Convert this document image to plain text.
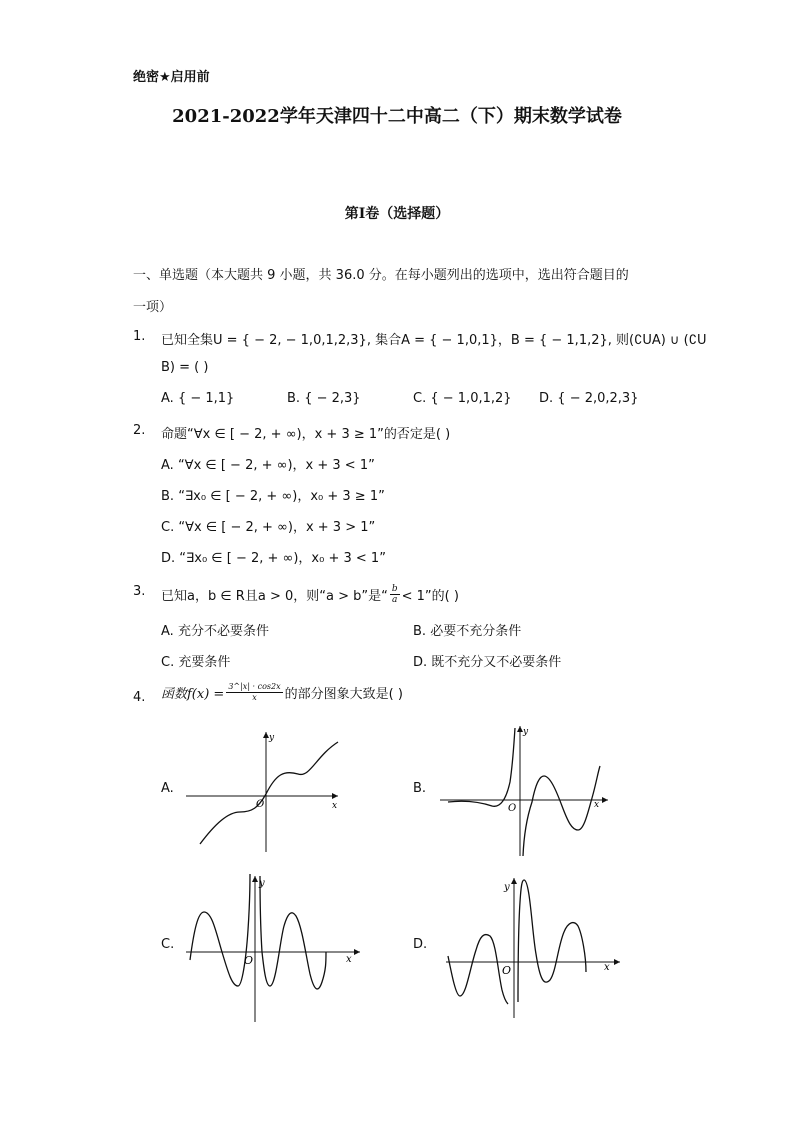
绝密★启用前
2021-2022学年天津四十二中高二（下）期末数学试卷
第I卷（选择题）
一、单选题（本大题共 9 小题，共 36.0 分。在每小题列出的选项中，选出符合题目的
一项）
1. 已知全集U = { − 2, − 1,0,1,2,3}, 集合A = { − 1,0,1}，B = { − 1,1,2}, 则(∁UA) ∪ (∁U
B) = ( )
A. { − 1,1}	B. { − 2,3}	C. { − 1,0,1,2} D. { − 2,0,2,3}
2. 命题“∀x ∈ [ − 2, + ∞)，x + 3 ≥ 1”的否定是( )
A. “∀x ∈ [ − 2, + ∞)，x + 3 < 1”
B. “∃x₀ ∈ [ − 2, + ∞)，x₀ + 3 ≥ 1”
C. “∀x ∈ [ − 2, + ∞)，x + 3 > 1”
D. “∃x₀ ∈ [ − 2, + ∞)，x₀ + 3 < 1”
3. 已知a，b ∈ R且a > 0，则“a > b”是“ $\frac{b}{a} < 1$”的( )
A. 充分不必要条件	B. 必要不充分条件
C. 充要条件	D. 既不充分又不必要条件
4. 函数$f(x) = \frac{3\^{}|x| \cdot \cos 2x}{x}$ 的部分图象大致是( )
A.
y
x
O
B.
y
x
O
C.
y
x
O
D.
y
x
O
